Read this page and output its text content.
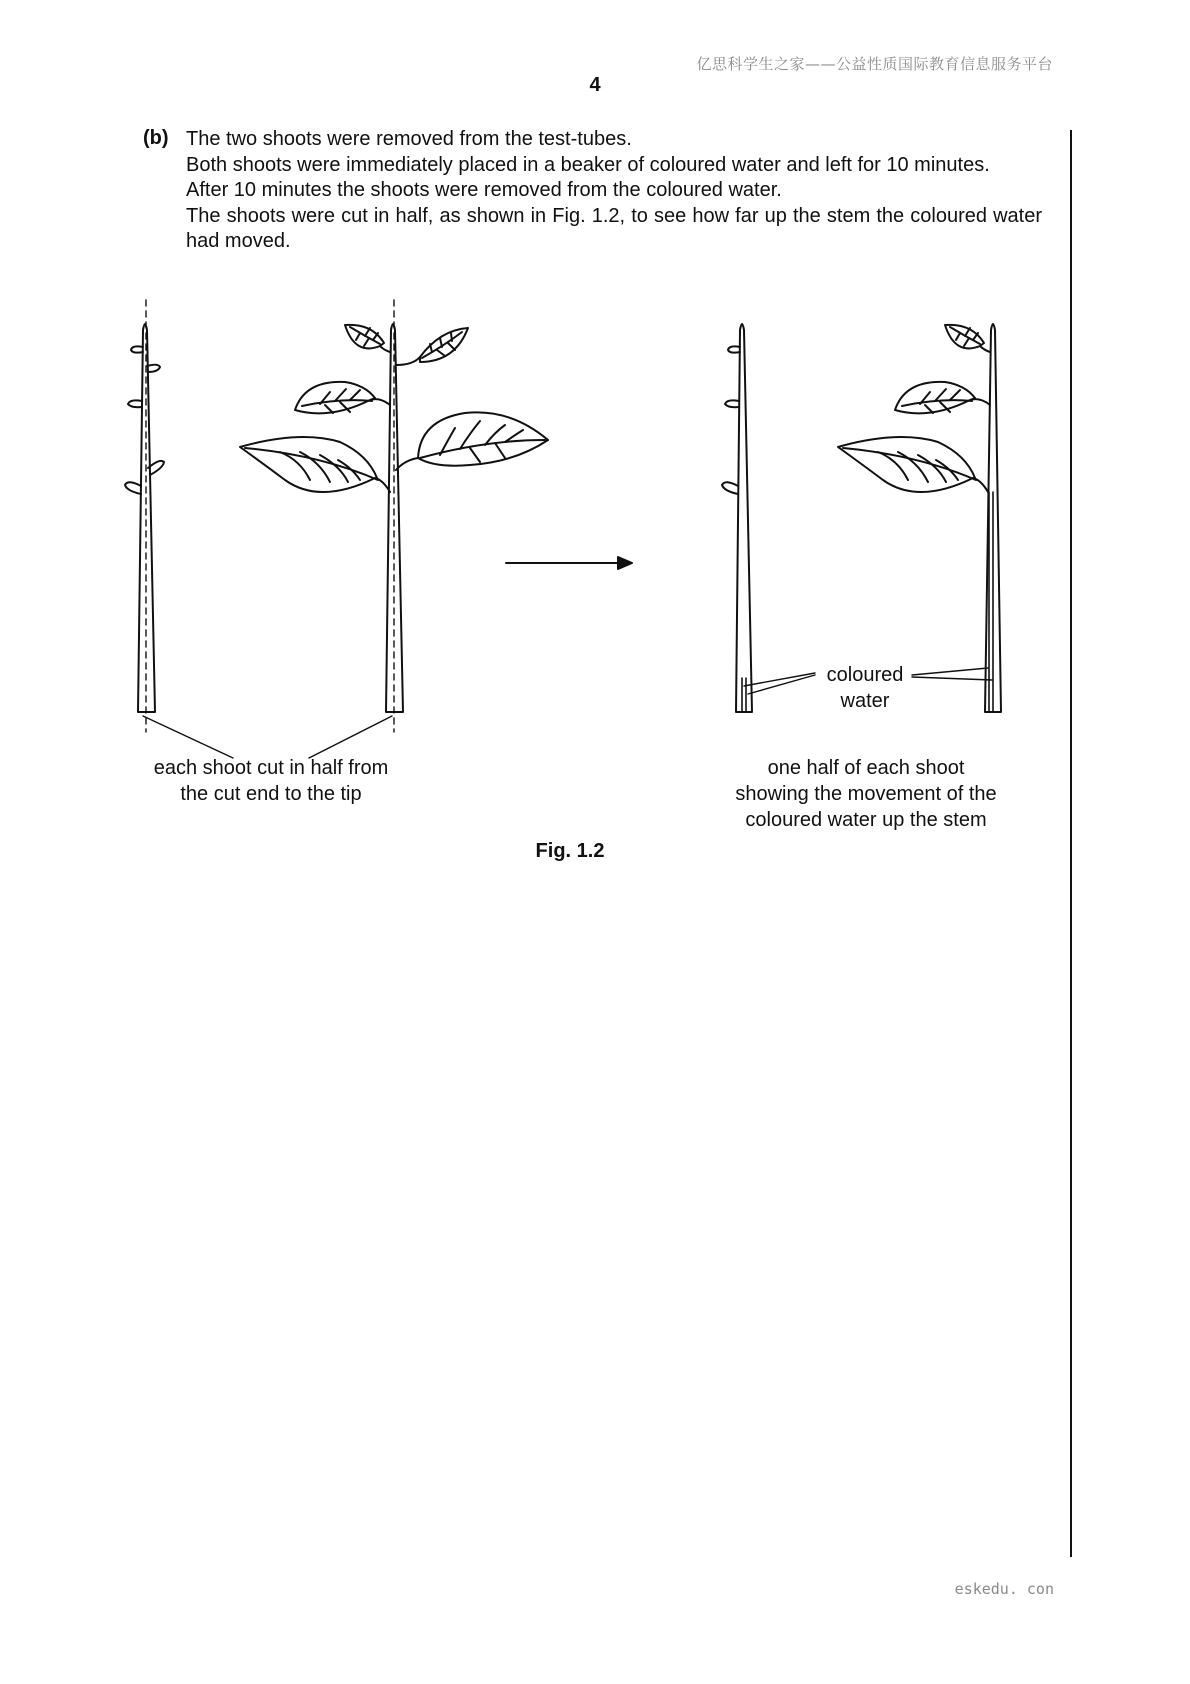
亿思科学生之家——公益性质国际教育信息服务平台
4
(b) The two shoots were removed from the test-tubes.

Both shoots were immediately placed in a beaker of coloured water and left for 10 minutes.

After 10 minutes the shoots were removed from the coloured water.

The shoots were cut in half, as shown in Fig. 1.2, to see how far up the stem the coloured water had moved.

coloured
water
each shoot cut in half from
the cut end to the tip
one half of each shoot
showing the movement of the
coloured water up the stem
Fig. 1.2
eskedu. con
